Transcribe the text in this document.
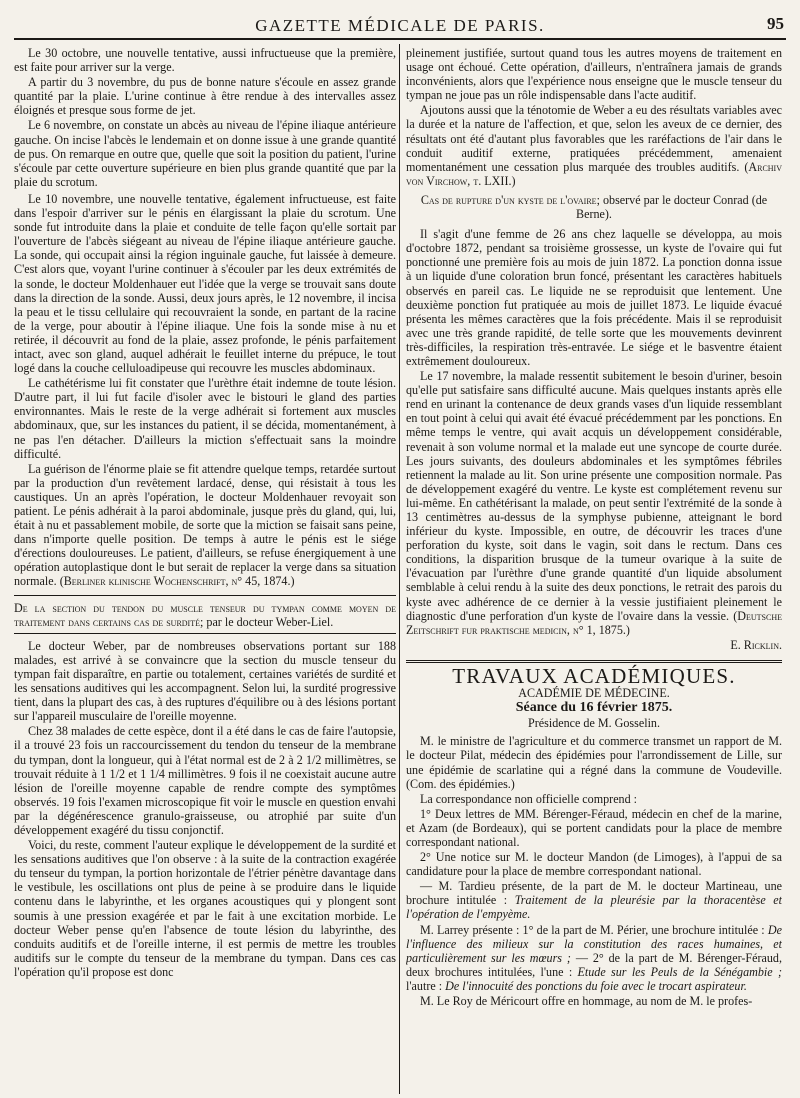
GAZETTE MÉDICALE DE PARIS.	95

Le 30 octobre, une nouvelle tentative, aussi infructueuse que la première, est faite pour arriver sur la verge.

A partir du 3 novembre, du pus de bonne nature s'écoule en assez grande quantité par la plaie. L'urine continue à être rendue à des intervalles assez éloignés et presque sous forme de jet.

Le 6 novembre, on constate un abcès au niveau de l'épine iliaque antérieure gauche. On incise l'abcès le lendemain et on donne issue à une grande quantité de pus. On remarque en outre que, quelle que soit la position du patient, l'urine s'écoule par cette ouverture supérieure en bien plus grande quantité que par la plaie du scrotum.

Le 10 novembre, une nouvelle tentative, également infructueuse, est faite dans l'espoir d'arriver sur le pénis en élargissant la plaie du scrotum. Une sonde fut introduite dans la plaie et conduite de telle façon qu'elle sortait par l'ouverture de l'abcès siégeant au niveau de l'épine iliaque antérieure gauche. La sonde, qui occupait ainsi la région inguinale gauche, fut laissée à demeure. C'est alors que, voyant l'urine continuer à s'écouler par les deux extrémités de la sonde, le docteur Moldenhauer eut l'idée que la verge se trouvait sans doute dans la direction de la sonde. Aussi, deux jours après, le 12 novembre, il incisa la peau et le tissu cellulaire qui recouvraient la sonde, en partant de la racine de la verge, pour aboutir à l'épine iliaque. Une fois la sonde mise à nu et retirée, il découvrit au fond de la plaie, assez profonde, le pénis parfaitement intact, avec son gland, auquel adhérait le feuillet interne du prépuce, le tout logé dans la couche celluloadipeuse qui recouvre les muscles abdominaux.

Le cathétérisme lui fit constater que l'urèthre était indemne de toute lésion. D'autre part, il lui fut facile d'isoler avec le bistouri le gland des parties environnantes. Mais le reste de la verge adhérait si fortement aux muscles abdominaux, que, sur les instances du patient, il se décida, momentanément, à ne pas l'en détacher. D'ailleurs la miction s'effectuait sans la moindre difficulté.

La guérison de l'énorme plaie se fit attendre quelque temps, retardée surtout par la production d'un revêtement lardacé, dense, qui résistait à tous les caustiques. Un an après l'opération, le docteur Moldenhauer revoyait son patient. Le pénis adhérait à la paroi abdominale, jusque près du gland, qui, lui, était à nu et passablement mobile, de sorte que la miction se faisait sans peine, dans n'importe quelle position. De temps à autre le pénis est le siége d'érections douloureuses. Le patient, d'ailleurs, se refuse énergiquement à une opération autoplastique dont le but serait de replacer la verge dans sa situation normale. (Berliner klinische Wochenschrift, n° 45, 1874.)

De la section du tendon du muscle tenseur du tympan comme moyen de traitement dans certains cas de surdité; par le docteur Weber-Liel.

Le docteur Weber, par de nombreuses observations portant sur 188 malades, est arrivé à se convaincre que la section du muscle tenseur du tympan fait disparaître, en partie ou totalement, certaines variétés de surdité et les sensations auditives qui les accompagnent. Selon lui, la surdité progressive tient, dans la plupart des cas, à des ruptures d'équilibre ou à des lésions portant sur l'appareil musculaire de l'oreille moyenne.

Chez 38 malades de cette espèce, dont il a été dans le cas de faire l'autopsie, il a trouvé 23 fois un raccourcissement du tendon du tenseur de la membrane du tympan, dont la longueur, qui à l'état normal est de 2 à 2 1/2 millimètres, se trouvait réduite à 1 1/2 et 1 1/4 millimètres. 9 fois il ne coexistait aucune autre lésion de l'oreille moyenne capable de rendre compte des symptômes observés. 19 fois l'examen microscopique fit voir le muscle en question envahi par la dégénérescence granulo-graisseuse, ou atrophié par suite d'un développement exagéré du tissu conjonctif.

Voici, du reste, comment l'auteur explique le développement de la surdité et les sensations auditives que l'on observe : à la suite de la contraction exagérée du tenseur du tympan, la portion horizontale de l'étrier pénètre davantage dans le vestibule, les oscillations ont plus de peine à se produire dans le liquide contenu dans le labyrinthe, et les organes acoustiques qui y plongent sont soumis à une pression exagérée et par le fait à une excitation morbide. Le docteur Weber pense qu'en l'absence de toute lésion du labyrinthe, des conduits auditifs et de l'oreille interne, il est permis de mettre les troubles auditifs sur le compte du tenseur de la membrane du tympan. Dans ces cas l'opération qu'il propose est donc

pleinement justifiée, surtout quand tous les autres moyens de traitement en usage ont échoué. Cette opération, d'ailleurs, n'entraînera jamais de grands inconvénients, alors que l'expérience nous enseigne que le muscle tenseur du tympan ne joue pas un rôle indispensable dans l'acte auditif.

Ajoutons aussi que la ténotomie de Weber a eu des résultats variables avec la durée et la nature de l'affection, et que, selon les aveux de ce dernier, des résultats ont été d'autant plus favorables que les raréfactions de l'air dans le conduit auditif externe, pratiquées précédemment, amenaient momentanément une cessation plus marquée des troubles auditifs. (Archiv von Virchow, t. LXII.)

Cas de rupture d'un kyste de l'ovaire; observé par le docteur Conrad (de Berne).

Il s'agit d'une femme de 26 ans chez laquelle se développa, au mois d'octobre 1872, pendant sa troisième grossesse, un kyste de l'ovaire qui fut ponctionné une première fois au mois de juin 1872. La ponction donna issue à un liquide d'une coloration brun foncé, présentant les caractères habituels observés en pareil cas. Le liquide ne se reproduisit que lentement. Une deuxième ponction fut pratiquée au mois de juillet 1873. Le liquide évacué présenta les mêmes caractères que la fois précédente. Mais il se reproduisit avec une très grande rapidité, de telle sorte que les mouvements devinrent très-difficiles, la respiration très-entravée. Le siége et le basventre étaient extrêmement douloureux.

Le 17 novembre, la malade ressentit subitement le besoin d'uriner, besoin qu'elle put satisfaire sans difficulté aucune. Mais quelques instants après elle rend en urinant la contenance de deux grands vases d'un liquide ressemblant en tout point à celui qui avait été évacué précédemment par les ponctions. En même temps le ventre, qui avait acquis un développement considérable, revenait à son volume normal et la malade eut une syncope de courte durée. Les jours suivants, des douleurs abdominales et les symptômes fébriles retiennent la malade au lit. Son urine présente une composition normale. Pas de développement exagéré du ventre. Le kyste est complétement revenu sur lui-même. En cathétérisant la malade, on peut sentir l'extrémité de la sonde à 13 centimètres au-dessus de la symphyse pubienne, atteignant le bord inférieur du kyste. Impossible, en outre, de découvrir les traces d'une perforation du kyste, soit dans le vagin, soit dans le rectum. Dans ces conditions, la disparition brusque de la tumeur ovarique à la suite de l'évacuation par l'urèthre d'une grande quantité d'un liquide absolument semblable à celui rendu à la suite des deux ponctions, le retrait des parois du kyste avec adhérence de ce dernier à la vessie justifiaient pleinement le diagnostic d'une perforation d'un kyste de l'ovaire dans la vessie. (Deutsche Zeitschrift fur praktische medicin, n° 1, 1875.)

E. Ricklin.

TRAVAUX ACADÉMIQUES.

ACADÉMIE DE MÉDECINE.

Séance du 16 février 1875.

Présidence de M. Gosselin.

M. le ministre de l'agriculture et du commerce transmet un rapport de M. le docteur Pilat, médecin des épidémies pour l'arrondissement de Lille, sur une épidémie de scarlatine qui a régné dans la commune de Voudeville. (Com. des épidémies.)

La correspondance non officielle comprend :

1° Deux lettres de MM. Bérenger-Féraud, médecin en chef de la marine, et Azam (de Bordeaux), qui se portent candidats pour la place de membre correspondant national.

2° Une notice sur M. le docteur Mandon (de Limoges), à l'appui de sa candidature pour la place de membre correspondant national.

— M. Tardieu présente, de la part de M. le docteur Martineau, une brochure intitulée : Traitement de la pleurésie par la thoracentèse et l'opération de l'empyème.

M. Larrey présente : 1° de la part de M. Périer, une brochure intitulée : De l'influence des milieux sur la constitution des races humaines, et particulièrement sur les mœurs ; — 2° de la part de M. Bérenger-Féraud, deux brochures intitulées, l'une : Etude sur les Peuls de la Sénégambie ; l'autre : De l'innocuité des ponctions du foie avec le trocart aspirateur.

M. Le Roy de Méricourt offre en hommage, au nom de M. le profes-
